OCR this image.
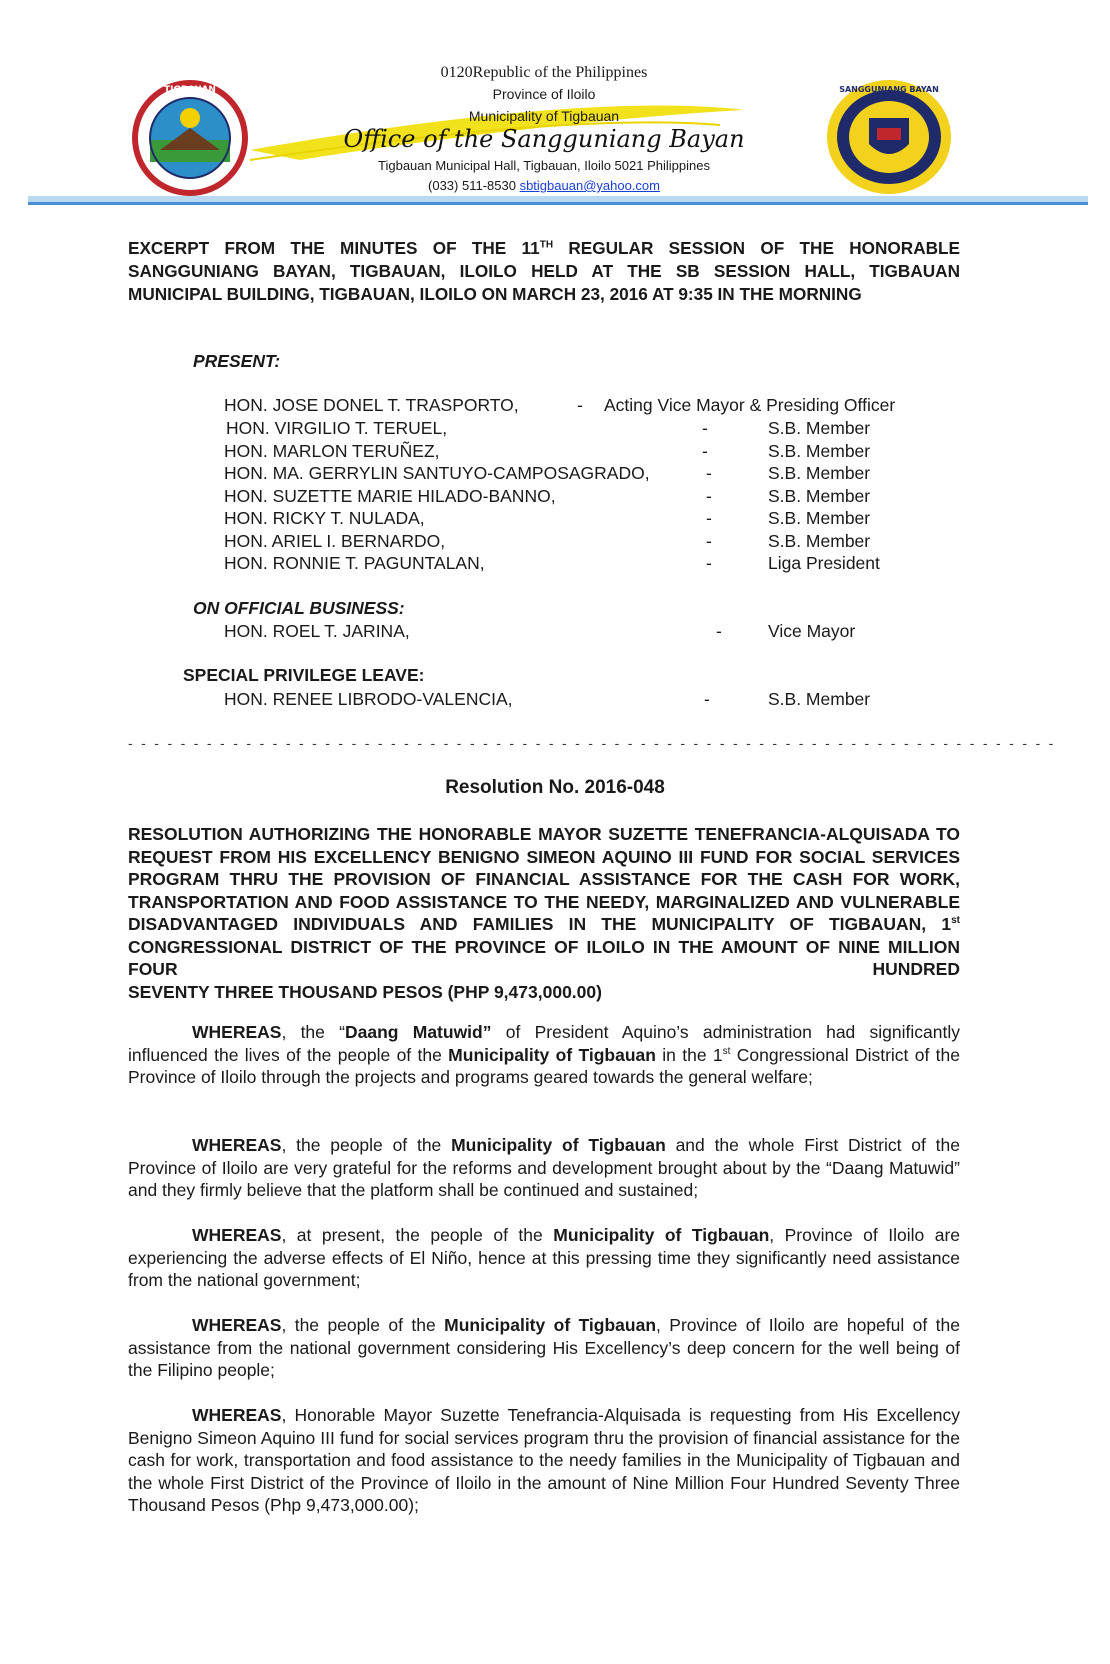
TIGBAUAN	SANGGUNIANG BAYAN
0120Republic of the Philippines
Province of Iloilo
Municipality of Tigbauan
Office of the Sangguniang Bayan
Tigbauan Municipal Hall, Tigbauan, Iloilo 5021 Philippines
(033) 511-8530 sbtigbauan@yahoo.com
EXCERPT FROM THE MINUTES OF THE 11TH REGULAR SESSION OF THE HONORABLE SANGGUNIANG BAYAN, TIGBAUAN, ILOILO HELD AT THE SB SESSION HALL, TIGBAUAN MUNICIPAL BUILDING, TIGBAUAN, ILOILO ON MARCH 23, 2016 AT 9:35 IN THE MORNING
PRESENT:
HON. JOSE DONEL T. TRASPORTO,	- Acting Vice Mayor & Presiding Officer
HON. VIRGILIO T. TERUEL,	-	S.B. Member
HON. MARLON TERUÑEZ,	-	S.B. Member
HON. MA. GERRYLIN SANTUYO-CAMPOSAGRADO,	-	S.B. Member
HON. SUZETTE MARIE HILADO-BANNO,	-	S.B. Member
HON. RICKY T. NULADA,	-	S.B. Member
HON. ARIEL I. BERNARDO,	-	S.B. Member
HON. RONNIE T. PAGUNTALAN,	-	Liga President
ON OFFICIAL BUSINESS:
HON. ROEL T. JARINA,	-	Vice Mayor
SPECIAL PRIVILEGE LEAVE:
HON. RENEE LIBRODO-VALENCIA,	-	S.B. Member
- - - - - - - - - - - - - - - - - - - - - - - - - - - - - - - - - - - - - - - - - - - - - - - - - - - - - - - - - - - - - - - - - - - - - - -
Resolution No. 2016-048
RESOLUTION AUTHORIZING THE HONORABLE MAYOR SUZETTE TENEFRANCIA-ALQUISADA TO REQUEST FROM HIS EXCELLENCY BENIGNO SIMEON AQUINO III FUND FOR SOCIAL SERVICES PROGRAM THRU THE PROVISION OF FINANCIAL ASSISTANCE FOR THE CASH FOR WORK, TRANSPORTATION AND FOOD ASSISTANCE TO THE NEEDY, MARGINALIZED AND VULNERABLE DISADVANTAGED INDIVIDUALS AND FAMILIES IN THE MUNICIPALITY OF TIGBAUAN, 1st CONGRESSIONAL DISTRICT OF THE PROVINCE OF ILOILO IN THE AMOUNT OF NINE MILLION FOUR HUNDRED
SEVENTY THREE THOUSAND PESOS (PHP 9,473,000.00)
WHEREAS, the “Daang Matuwid” of President Aquino’s administration had significantly influenced the lives of the people of the Municipality of Tigbauan in the 1st Congressional District of the Province of Iloilo through the projects and programs geared towards the general welfare;
WHEREAS, the people of the Municipality of Tigbauan and the whole First District of the Province of Iloilo are very grateful for the reforms and development brought about by the “Daang Matuwid” and they firmly believe that the platform shall be continued and sustained;
WHEREAS, at present, the people of the Municipality of Tigbauan, Province of Iloilo are experiencing the adverse effects of El Niño, hence at this pressing time they significantly need assistance from the national government;
WHEREAS, the people of the Municipality of Tigbauan, Province of Iloilo are hopeful of the assistance from the national government considering His Excellency’s deep concern for the well being of the Filipino people;
WHEREAS, Honorable Mayor Suzette Tenefrancia-Alquisada is requesting from His Excellency Benigno Simeon Aquino III fund for social services program thru the provision of financial assistance for the cash for work, transportation and food assistance to the needy families in the Municipality of Tigbauan and the whole First District of the Province of Iloilo in the amount of Nine Million Four Hundred Seventy Three Thousand Pesos (Php 9,473,000.00);
